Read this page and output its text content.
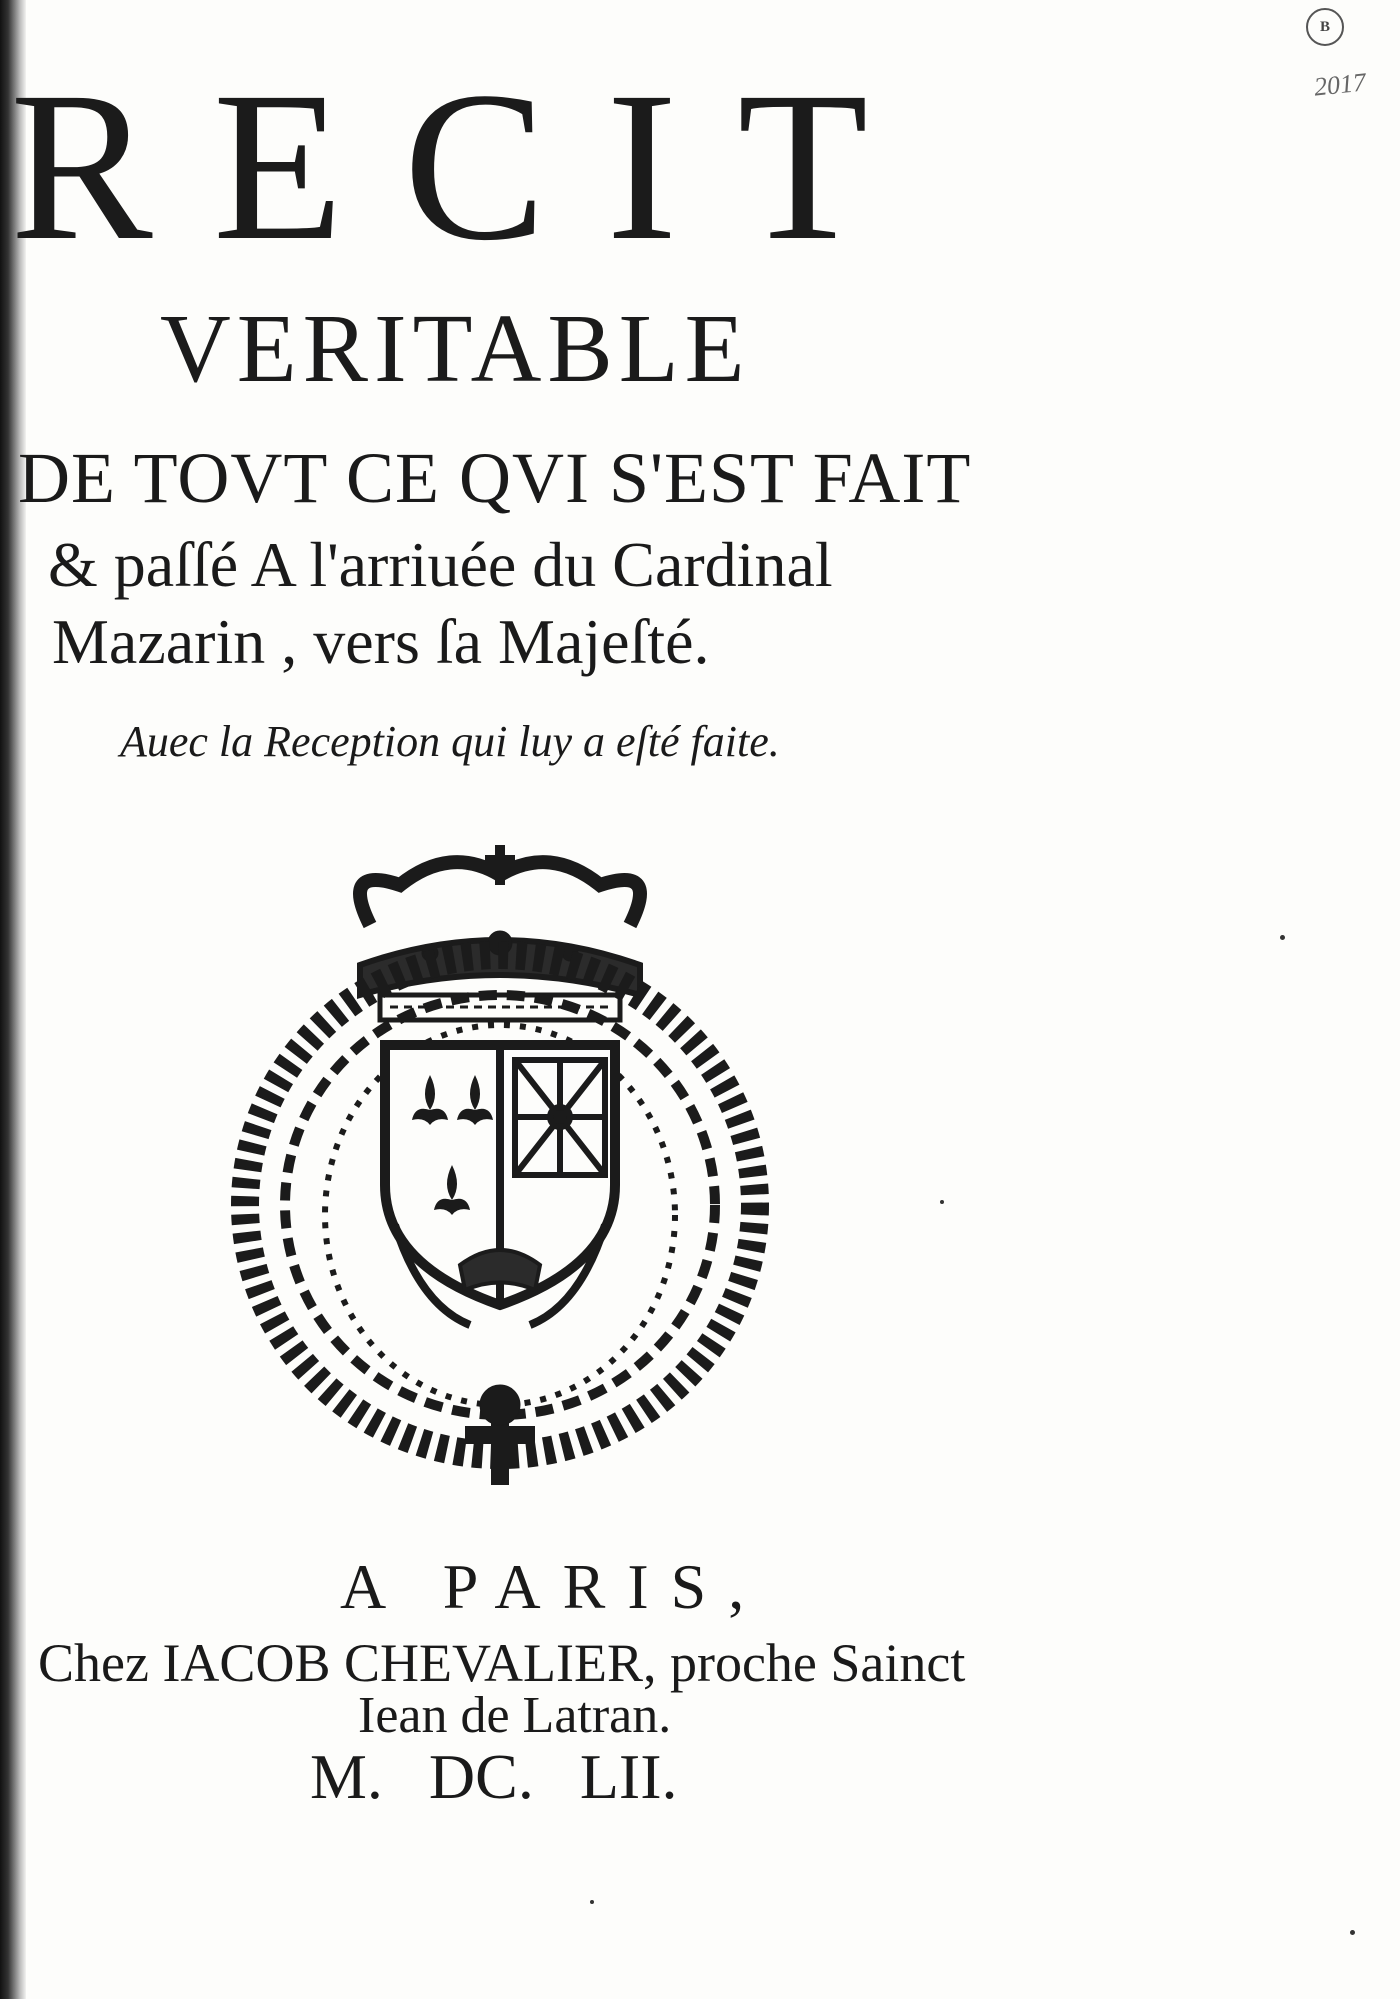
B
2017
RECIT
VERITABLE
DE TOVT CE QVI S'EST FAIT
& paſſé A l'arriuée du Cardinal
Mazarin , vers ſa Majeſté.
Auec la Reception qui luy a eſté faite.
A PARIS,
Chez IACOB CHEVALIER, proche Sainct
Iean de Latran.
M. DC. LII.
